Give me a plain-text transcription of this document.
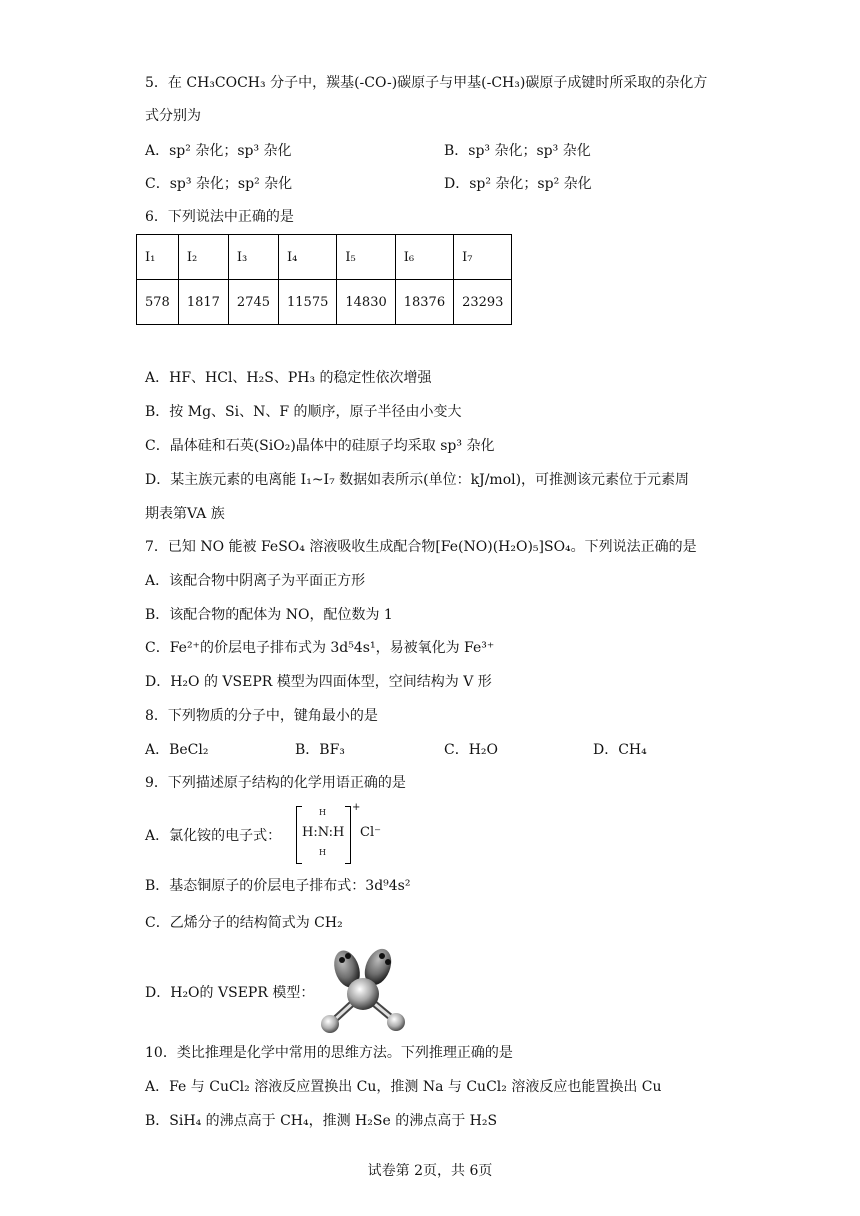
5．在 CH₃COCH₃ 分子中，羰基(-CO-)碳原子与甲基(-CH₃)碳原子成键时所采取的杂化方
式分别为
A．sp² 杂化；sp³ 杂化	B．sp³ 杂化；sp³ 杂化
C．sp³ 杂化；sp² 杂化	D．sp² 杂化；sp² 杂化
6．下列说法中正确的是
I₁	I₂	I₃	I₄	I₅	I₆	I₇
578	1817	2745	11575	14830	18376	23293
A．HF、HCl、H₂S、PH₃ 的稳定性依次增强
B．按 Mg、Si、N、F 的顺序，原子半径由小变大
C．晶体硅和石英(SiO₂)晶体中的硅原子均采取 sp³ 杂化
D．某主族元素的电离能 I₁~I₇ 数据如表所示(单位：kJ/mol)，可推测该元素位于元素周
期表第VA 族
7．已知 NO 能被 FeSO₄ 溶液吸收生成配合物[Fe(NO)(H₂O)₅]SO₄。下列说法正确的是
A．该配合物中阴离子为平面正方形
B．该配合物的配体为 NO，配位数为 1
C．Fe²⁺的价层电子排布式为 3d⁵4s¹，易被氧化为 Fe³⁺
D．H₂O 的 VSEPR 模型为四面体型，空间结构为 V 形
8．下列物质的分子中，键角最小的是
A．BeCl₂	B．BF₃	C．H₂O	D．CH₄
9．下列描述原子结构的化学用语正确的是
A．氯化铵的电子式：
H
H:N:H
H
+
Cl⁻
B．基态铜原子的价层电子排布式：3d⁹4s²
C．乙烯分子的结构简式为 CH₂
D．H₂O的 VSEPR 模型：
10．类比推理是化学中常用的思维方法。下列推理正确的是
A．Fe 与 CuCl₂ 溶液反应置换出 Cu，推测 Na 与 CuCl₂ 溶液反应也能置换出 Cu
B．SiH₄ 的沸点高于 CH₄，推测 H₂Se 的沸点高于 H₂S
试卷第 2页，共 6页
